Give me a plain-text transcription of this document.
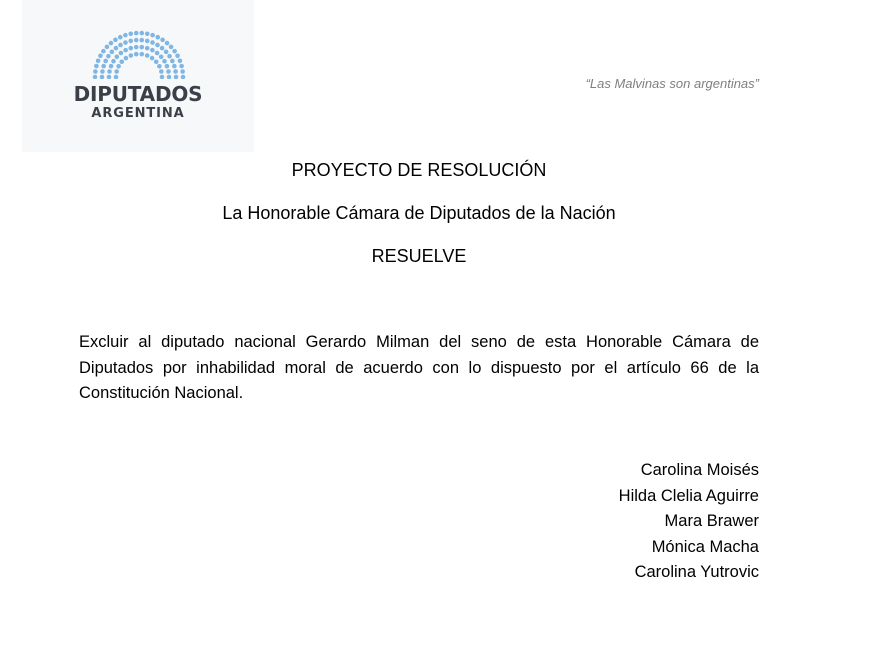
DIPUTADOS
ARGENTINA
“Las Malvinas son argentinas”
PROYECTO DE RESOLUCIÓN
La Honorable Cámara de Diputados de la Nación
RESUELVE

Excluir al diputado nacional Gerardo Milman del seno de esta Honorable Cámara de Diputados por inhabilidad moral de acuerdo con lo dispuesto por el artículo 66 de la Constitución Nacional.

Carolina Moisés
Hilda Clelia Aguirre
Mara Brawer
Mónica Macha
Carolina Yutrovic
